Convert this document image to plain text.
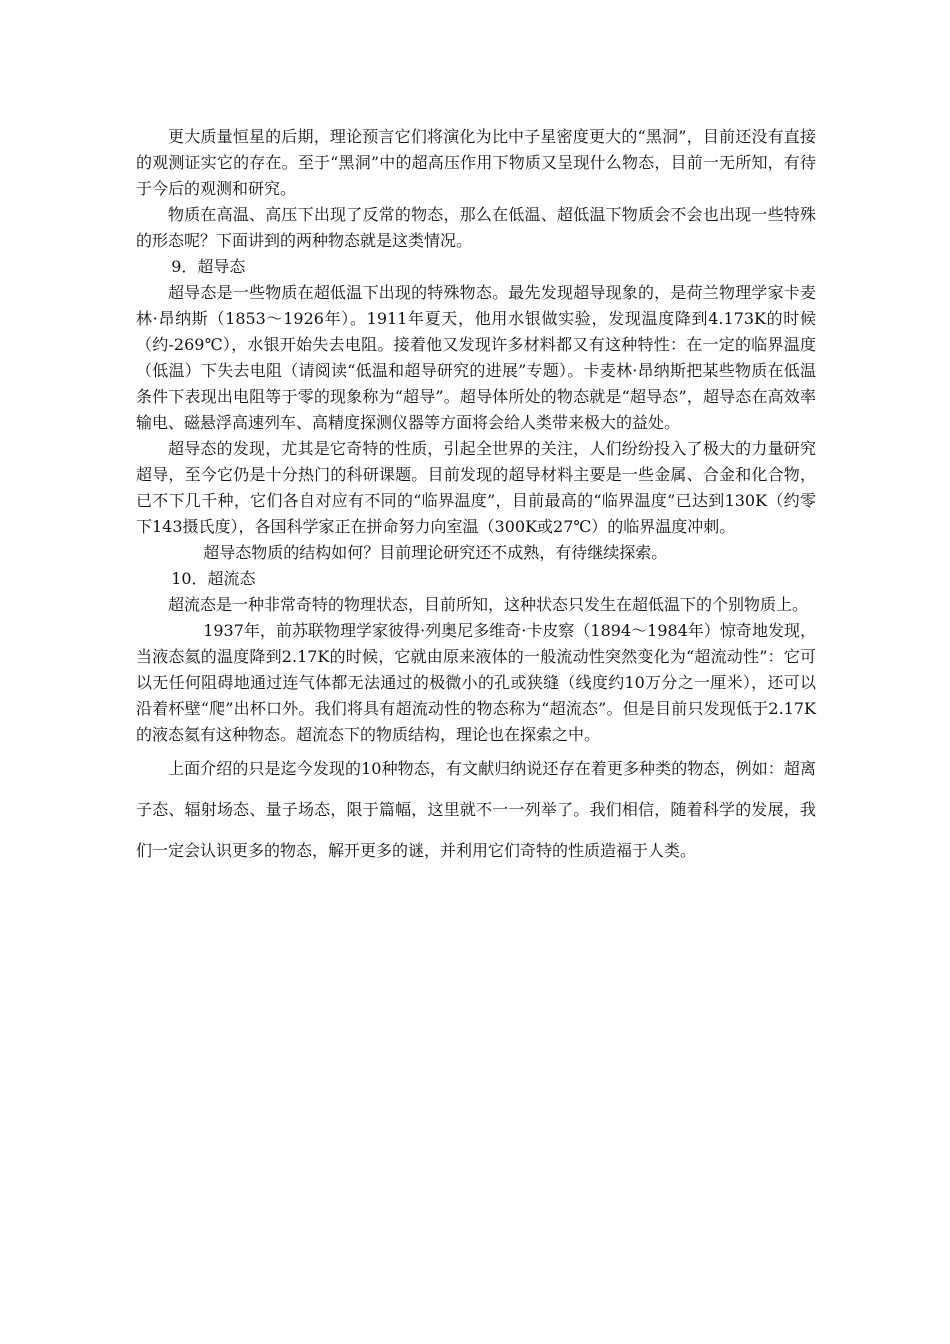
更大质量恒星的后期，理论预言它们将演化为比中子星密度更大的“黑洞”，目前还没有直接的观测证实它的存在。至于“黑洞”中的超高压作用下物质又呈现什么物态，目前一无所知，有待于今后的观测和研究。

物质在高温、高压下出现了反常的物态，那么在低温、超低温下物质会不会也出现一些特殊的形态呢？下面讲到的两种物态就是这类情况。

9．超导态

超导态是一些物质在超低温下出现的特殊物态。最先发现超导现象的，是荷兰物理学家卡麦林·昂纳斯（1853～1926年）。1911年夏天，他用水银做实验，发现温度降到4.173K的时候（约-269℃），水银开始失去电阻。接着他又发现许多材料都又有这种特性：在一定的临界温度（低温）下失去电阻（请阅读“低温和超导研究的进展”专题）。卡麦林·昂纳斯把某些物质在低温条件下表现出电阻等于零的现象称为“超导”。超导体所处的物态就是“超导态”，超导态在高效率输电、磁悬浮高速列车、高精度探测仪器等方面将会给人类带来极大的益处。

超导态的发现，尤其是它奇特的性质，引起全世界的关注，人们纷纷投入了极大的力量研究超导，至今它仍是十分热门的科研课题。目前发现的超导材料主要是一些金属、合金和化合物，已不下几千种，它们各自对应有不同的“临界温度”，目前最高的“临界温度”已达到130K（约零下143摄氏度），各国科学家正在拼命努力向室温（300K或27℃）的临界温度冲刺。

超导态物质的结构如何？目前理论研究还不成熟，有待继续探索。

10．超流态

超流态是一种非常奇特的物理状态，目前所知，这种状态只发生在超低温下的个别物质上。

1937年，前苏联物理学家彼得·列奥尼多维奇·卡皮察（1894～1984年）惊奇地发现，当液态氦的温度降到2.17K的时候，它就由原来液体的一般流动性突然变化为“超流动性”：它可以无任何阻碍地通过连气体都无法通过的极微小的孔或狭缝（线度约10万分之一厘米），还可以沿着杯壁“爬”出杯口外。我们将具有超流动性的物态称为“超流态”。但是目前只发现低于2.17K的液态氦有这种物态。超流态下的物质结构，理论也在探索之中。

上面介绍的只是迄今发现的10种物态，有文献归纳说还存在着更多种类的物态，例如：超离子态、辐射场态、量子场态，限于篇幅，这里就不一一列举了。我们相信，随着科学的发展，我们一定会认识更多的物态，解开更多的谜，并利用它们奇特的性质造福于人类。
